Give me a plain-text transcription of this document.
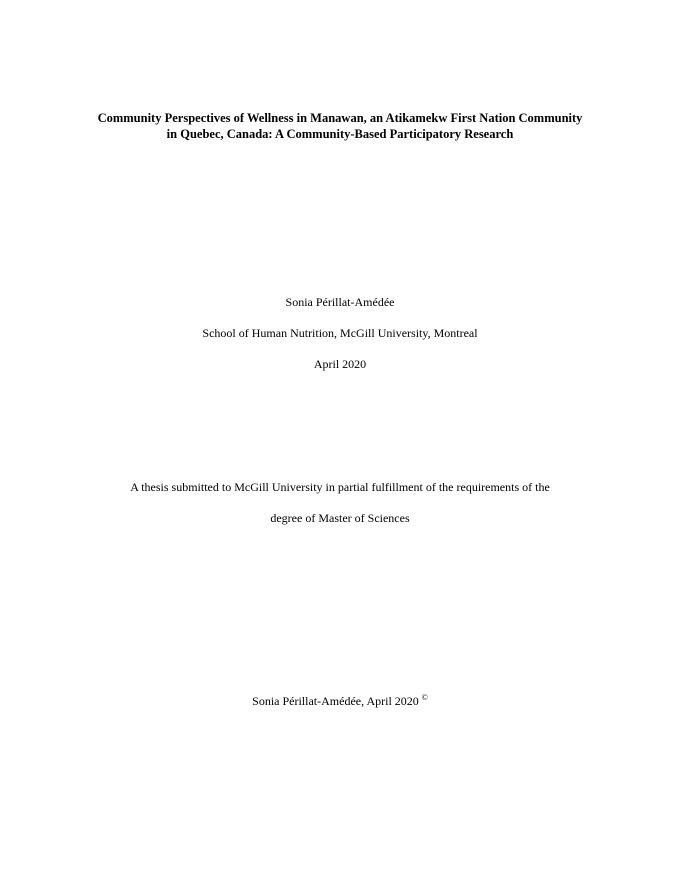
Community Perspectives of Wellness in Manawan, an Atikamekw First Nation Community
in Quebec, Canada: A Community-Based Participatory Research
Sonia Périllat-Amédée
School of Human Nutrition, McGill University, Montreal
April 2020
A thesis submitted to McGill University in partial fulfillment of the requirements of the
degree of Master of Sciences
Sonia Périllat-Amédée, April 2020 ©
